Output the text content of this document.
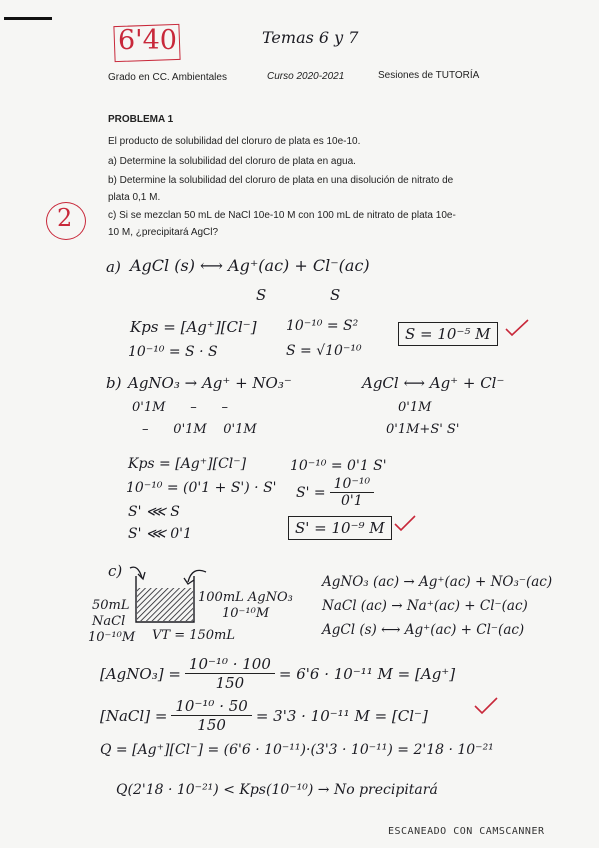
6'40	Temas 6 y 7
Grado en CC. Ambientales	Curso 2020-2021	Sesiones de TUTORÍA
PROBLEMA 1
El producto de solubilidad del cloruro de plata es 10e-10.
a) Determine la solubilidad del cloruro de plata en agua.
b) Determine la solubilidad del cloruro de plata en una disolución de nitrato de
plata 0,1 M.
c) Si se mezclan 50 mL de NaCl 10e-10 M con 100 mL de nitrato de plata 10e-
10 M, ¿precipitará AgCl?
2
a) AgCl (s) ⟷ Ag⁺(ac) + Cl⁻(ac)
S	S
Kps = [Ag⁺][Cl⁻]
10⁻¹⁰ = S · S
10⁻¹⁰ = S²
S = √10⁻¹⁰
S = 10⁻⁵ M
b) AgNO₃ → Ag⁺ + NO₃⁻
0'1M      –      –
–      0'1M    0'1M
AgCl ⟷ Ag⁺ + Cl⁻
0'1M
0'1M+S' S'
Kps = [Ag⁺][Cl⁻]
10⁻¹⁰ = (0'1 + S') · S'
S' ⋘ S
S' ⋘ 0'1
10⁻¹⁰ = 0'1 S'
$S' = \frac{\text{10⁻¹⁰}}{0'1}$
S' = 10⁻⁹ M
c)
50mL
NaCl
10⁻¹⁰M
100mL AgNO₃
10⁻¹⁰M
VT = 150mL
AgNO₃ (ac) → Ag⁺(ac) + NO₃⁻(ac)
NaCl (ac) → Na⁺(ac) + Cl⁻(ac)
AgCl (s) ⟷ Ag⁺(ac) + Cl⁻(ac)
[AgNO₃] = $\frac{\text{10⁻¹⁰ · 100}}{150} = 6'6 \cdot 10^{-11}$ M = [Ag⁺]
[NaCl] = $\frac{\text{10⁻¹⁰ · 50}}{150} = 3'3 \cdot 10^{-11}$ M = [Cl⁻]
Q = [Ag⁺][Cl⁻] = (6'6 · 10⁻¹¹)·(3'3 · 10⁻¹¹) = 2'18 · 10⁻²¹
Q(2'18 · 10⁻²¹) < Kps(10⁻¹⁰) → No precipitará
ESCANEADO CON CAMSCANNER
